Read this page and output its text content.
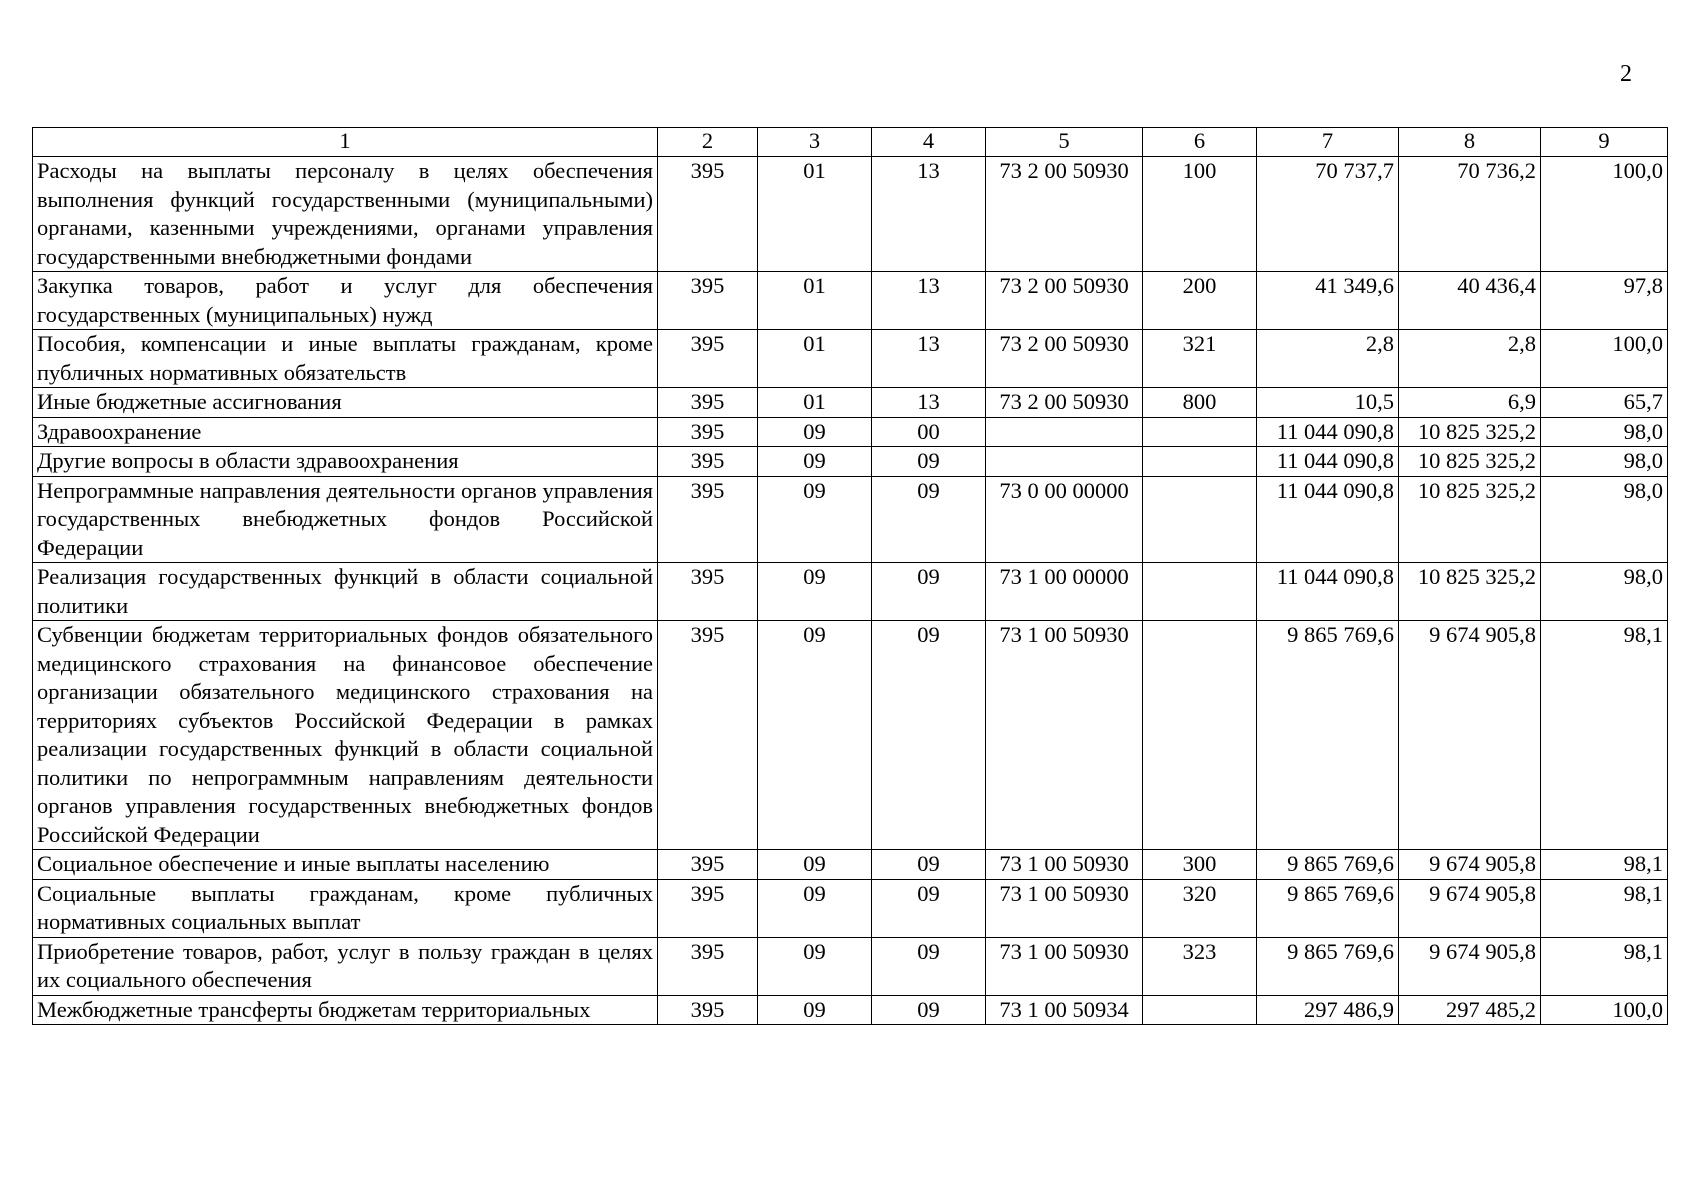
2
1	2	3	4	5	6	7	8	9
Расходы на выплаты персоналу в целях обеспечения выполнения функций государственными (муниципальными) органами, казенными учреждениями, органами управления государственными внебюджетными фондами	395	01	13	73 2 00 50930	100	70 737,7	70 736,2	100,0
Закупка товаров, работ и услуг для обеспечения государственных (муниципальных) нужд	395	01	13	73 2 00 50930	200	41 349,6	40 436,4	97,8
Пособия, компенсации и иные выплаты гражданам, кроме публичных нормативных обязательств	395	01	13	73 2 00 50930	321	2,8	2,8	100,0
Иные бюджетные ассигнования	395	01	13	73 2 00 50930	800	10,5	6,9	65,7
Здравоохранение	395	09	00			11 044 090,8	10 825 325,2	98,0
Другие вопросы в области здравоохранения	395	09	09			11 044 090,8	10 825 325,2	98,0
Непрограммные направления деятельности органов управления государственных внебюджетных фондов Российской Федерации	395	09	09	73 0 00 00000		11 044 090,8	10 825 325,2	98,0
Реализация государственных функций в области социальной политики	395	09	09	73 1 00 00000		11 044 090,8	10 825 325,2	98,0
Субвенции бюджетам территориальных фондов обязательного медицинского страхования на финансовое обеспечение организации обязательного медицинского страхования на территориях субъектов Российской Федерации в рамках реализации государственных функций в области социальной политики по непрограммным направлениям деятельности органов управления государственных внебюджетных фондов Российской Федерации	395	09	09	73 1 00 50930		9 865 769,6	9 674 905,8	98,1
Социальное обеспечение и иные выплаты населению	395	09	09	73 1 00 50930	300	9 865 769,6	9 674 905,8	98,1
Социальные выплаты гражданам, кроме публичных нормативных социальных выплат	395	09	09	73 1 00 50930	320	9 865 769,6	9 674 905,8	98,1
Приобретение товаров, работ, услуг в пользу граждан в целях их социального обеспечения	395	09	09	73 1 00 50930	323	9 865 769,6	9 674 905,8	98,1
Межбюджетные трансферты бюджетам территориальных	395	09	09	73 1 00 50934		297 486,9	297 485,2	100,0
